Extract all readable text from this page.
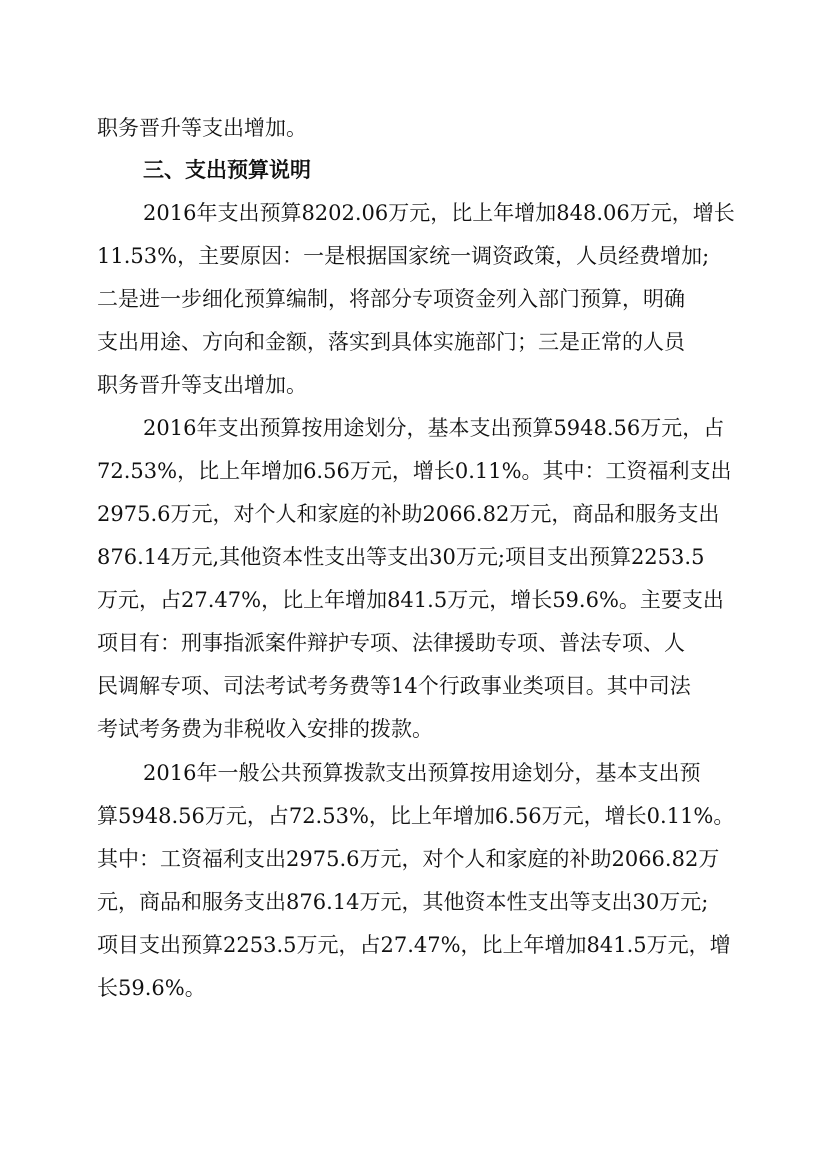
职务晋升等支出增加。

三、支出预算说明

2016年支出预算8202.06万元，比上年增加848.06万元，增长

11.53%，主要原因：一是根据国家统一调资政策，人员经费增加;

二是进一步细化预算编制，将部分专项资金列入部门预算，明确

支出用途、方向和金额，落实到具体实施部门；三是正常的人员

职务晋升等支出增加。

2016年支出预算按用途划分，基本支出预算5948.56万元，占

72.53%，比上年增加6.56万元，增长0.11%。其中：工资福利支出

2975.6万元，对个人和家庭的补助2066.82万元，商品和服务支出

876.14万元,其他资本性支出等支出30万元;项目支出预算2253.5

万元，占27.47%，比上年增加841.5万元，增长59.6%。主要支出

项目有：刑事指派案件辩护专项、法律援助专项、普法专项、人

民调解专项、司法考试考务费等14个行政事业类项目。其中司法

考试考务费为非税收入安排的拨款。

2016年一般公共预算拨款支出预算按用途划分，基本支出预

算5948.56万元，占72.53%，比上年增加6.56万元，增长0.11%。

其中：工资福利支出2975.6万元，对个人和家庭的补助2066.82万

元，商品和服务支出876.14万元，其他资本性支出等支出30万元;

项目支出预算2253.5万元，占27.47%，比上年增加841.5万元，增

长59.6%。
